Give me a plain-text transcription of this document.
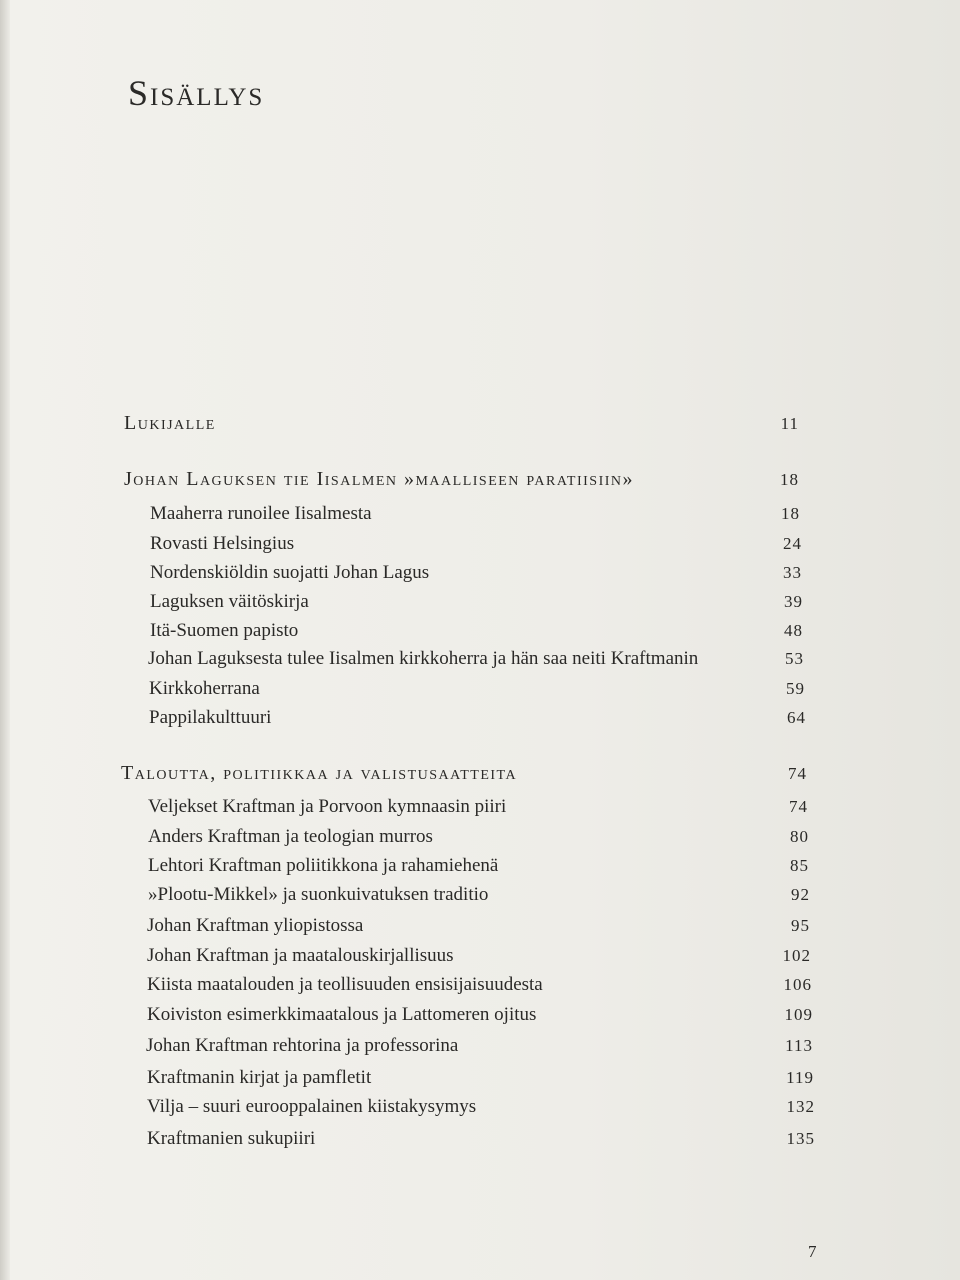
Sisällys
Lukijalle	11
Johan Laguksen tie Iisalmen »maalliseen paratiisiin»	18
Maaherra runoilee Iisalmesta	18
Rovasti Helsingius	24
Nordenskiöldin suojatti Johan Lagus	33
Laguksen väitöskirja	39
Itä-Suomen papisto	48
Johan Laguksesta tulee Iisalmen kirkkoherra ja hän saa neiti Kraftmanin	53
Kirkkoherrana	59
Pappilakulttuuri	64
Taloutta, politiikkaa ja valistusaatteita	74
Veljekset Kraftman ja Porvoon kymnaasin piiri	74
Anders Kraftman ja teologian murros	80
Lehtori Kraftman poliitikkona ja rahamiehenä	85
»Plootu-Mikkel» ja suonkuivatuksen traditio	92
Johan Kraftman yliopistossa	95
Johan Kraftman ja maatalouskirjallisuus	102
Kiista maatalouden ja teollisuuden ensisijaisuudesta	106
Koiviston esimerkkimaatalous ja Lattomeren ojitus	109
Johan Kraftman rehtorina ja professorina	113
Kraftmanin kirjat ja pamfletit	119
Vilja – suuri eurooppalainen kiistakysymys	132
Kraftmanien sukupiiri	135
7
